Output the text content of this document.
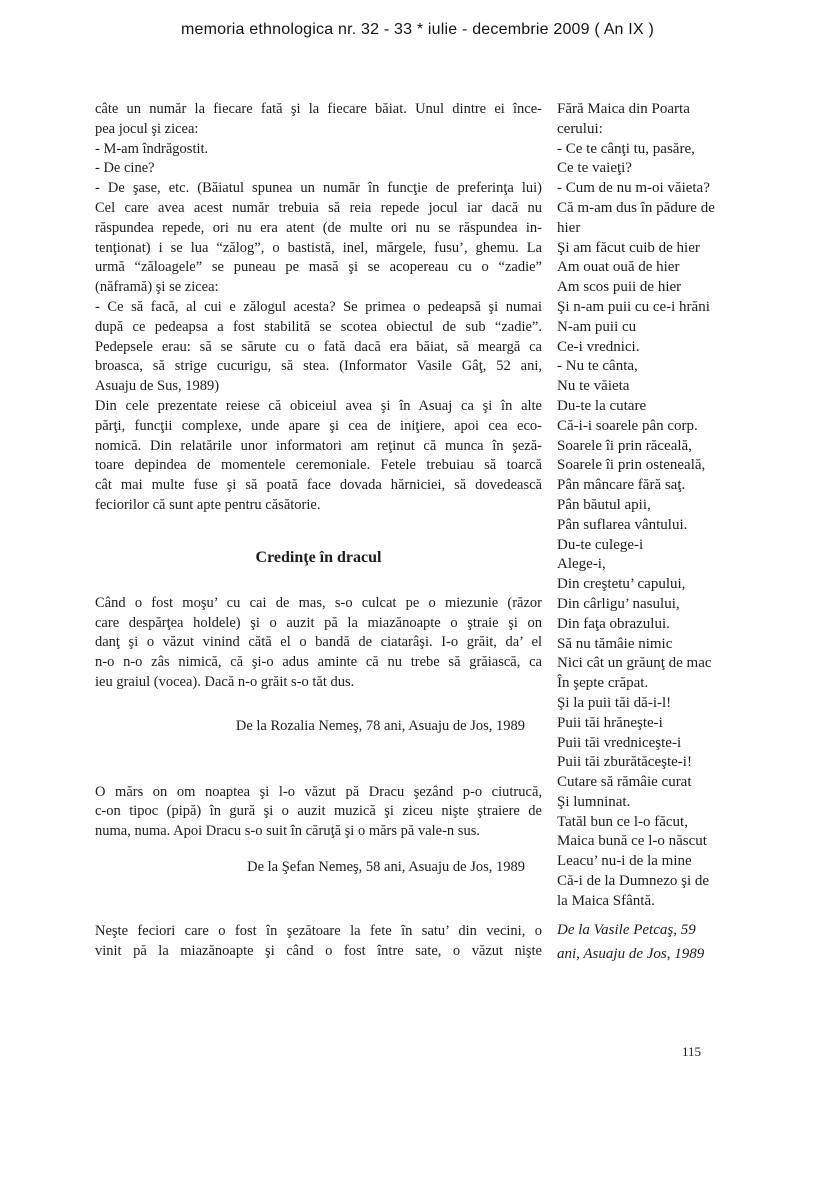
memoria ethnologica nr. 32 - 33 * iulie - decembrie 2009 ( An IX )
câte un număr la fiecare fată şi la fiecare băiat. Unul dintre ei înce-
pea jocul şi zicea:
- M-am îndrăgostit.
- De cine?
- De şase, etc. (Băiatul spunea un număr în funcţie de preferinţa lui)
Cel care avea acest număr trebuia să reia repede jocul iar dacă nu
răspundea repede, ori nu era atent (de multe ori nu se răspundea in-
tenţionat) i se lua “zălog”, o bastistă, inel, mărgele, fusu’, ghemu. La
urmă “zăloagele” se puneau pe masă şi se acopereau cu o “zadie”
(năframă) şi se zicea:
- Ce să facă, al cui e zălogul acesta? Se primea o pedeapsă şi numai
după ce pedeapsa a fost stabilită se scotea obiectul de sub “zadie”.
Pedepsele erau: să se sărute cu o fată dacă era băiat, să meargă ca
broasca, să strige cucurigu, să stea. (Informator Vasile Gâţ, 52 ani,
Asuaju de Sus, 1989)
Din cele prezentate reiese că obiceiul avea şi în Asuaj ca şi în alte
părţi, funcţii complexe, unde apare şi cea de iniţiere, apoi cea eco-
nomică. Din relatările unor informatori am reţinut că munca în şeză-
toare depindea de momentele ceremoniale. Fetele trebuiau să toarcă
cât mai multe fuse şi să poată face dovada hărniciei, să dovedească
feciorilor că sunt apte pentru căsătorie.
Credinţe în dracul
Când o fost moşu’ cu cai de mas, s-o culcat pe o miezunie (răzor
care despărţea holdele) şi o auzit pă la miazănoapte o ştraie şi on
danţ şi o văzut vinind cătă el o bandă de ciatarâşi. I-o grăit, da’ el
n-o n-o zâs nimică, că şi-o adus aminte că nu trebe să grăiască, ca
ieu graiul (vocea). Dacă n-o grăit s-o tăt dus.
De la Rozalia Nemeş, 78 ani, Asuaju de Jos, 1989
O mărs on om noaptea şi l-o văzut pă Dracu şezând p-o ciutrucă,
c-on tipoc (pipă) în gură şi o auzit muzică şi ziceu nişte ştraiere de
numa, numa. Apoi Dracu s-o suit în căruţă şi o mărs pă vale-n sus.
De la Şefan Nemeş, 58 ani, Asuaju de Jos, 1989
Neşte feciori care o fost în şezătoare la fete în satu’ din vecini, o
vinit pă la miazănoapte şi când o fost între sate, o văzut nişte
Fără Maica din Poarta
cerului:
- Ce te cânţi tu, pasăre,
Ce te vaieţi?
- Cum de nu m-oi văieta?
Că m-am dus în pădure de
hier
Şi am făcut cuib de hier
Am ouat ouă de hier
Am scos puii de hier
Şi n-am puii cu ce-i hrăni
N-am puii cu
Ce-i vrednici.
- Nu te cânta,
Nu te văieta
Du-te la cutare
Că-i-i soarele pân corp.
Soarele îi prin răceală,
Soarele îi prin osteneală,
Pân mâncare fără saţ.
Pân băutul apii,
Pân suflarea vântului.
Du-te culege-i
Alege-i,
Din creştetu’ capului,
Din cârligu’ nasului,
Din faţa obrazului.
Să nu tămâie nimic
Nici cât un grăunţ de mac
În şepte crăpat.
Şi la puii tăi dă-i-l!
Puii tăi hrăneşte-i
Puii tăi vredniceşte-i
Puii tăi zburătăceşte-i!
Cutare să rămâie curat
Şi lumninat.
Tatăl bun ce l-o făcut,
Maica bună ce l-o născut
Leacu’ nu-i de la mine
Că-i de la Dumnezo şi de
la Maica Sfântă.
De la Vasile Petcaş, 59
ani, Asuaju de Jos, 1989
115
